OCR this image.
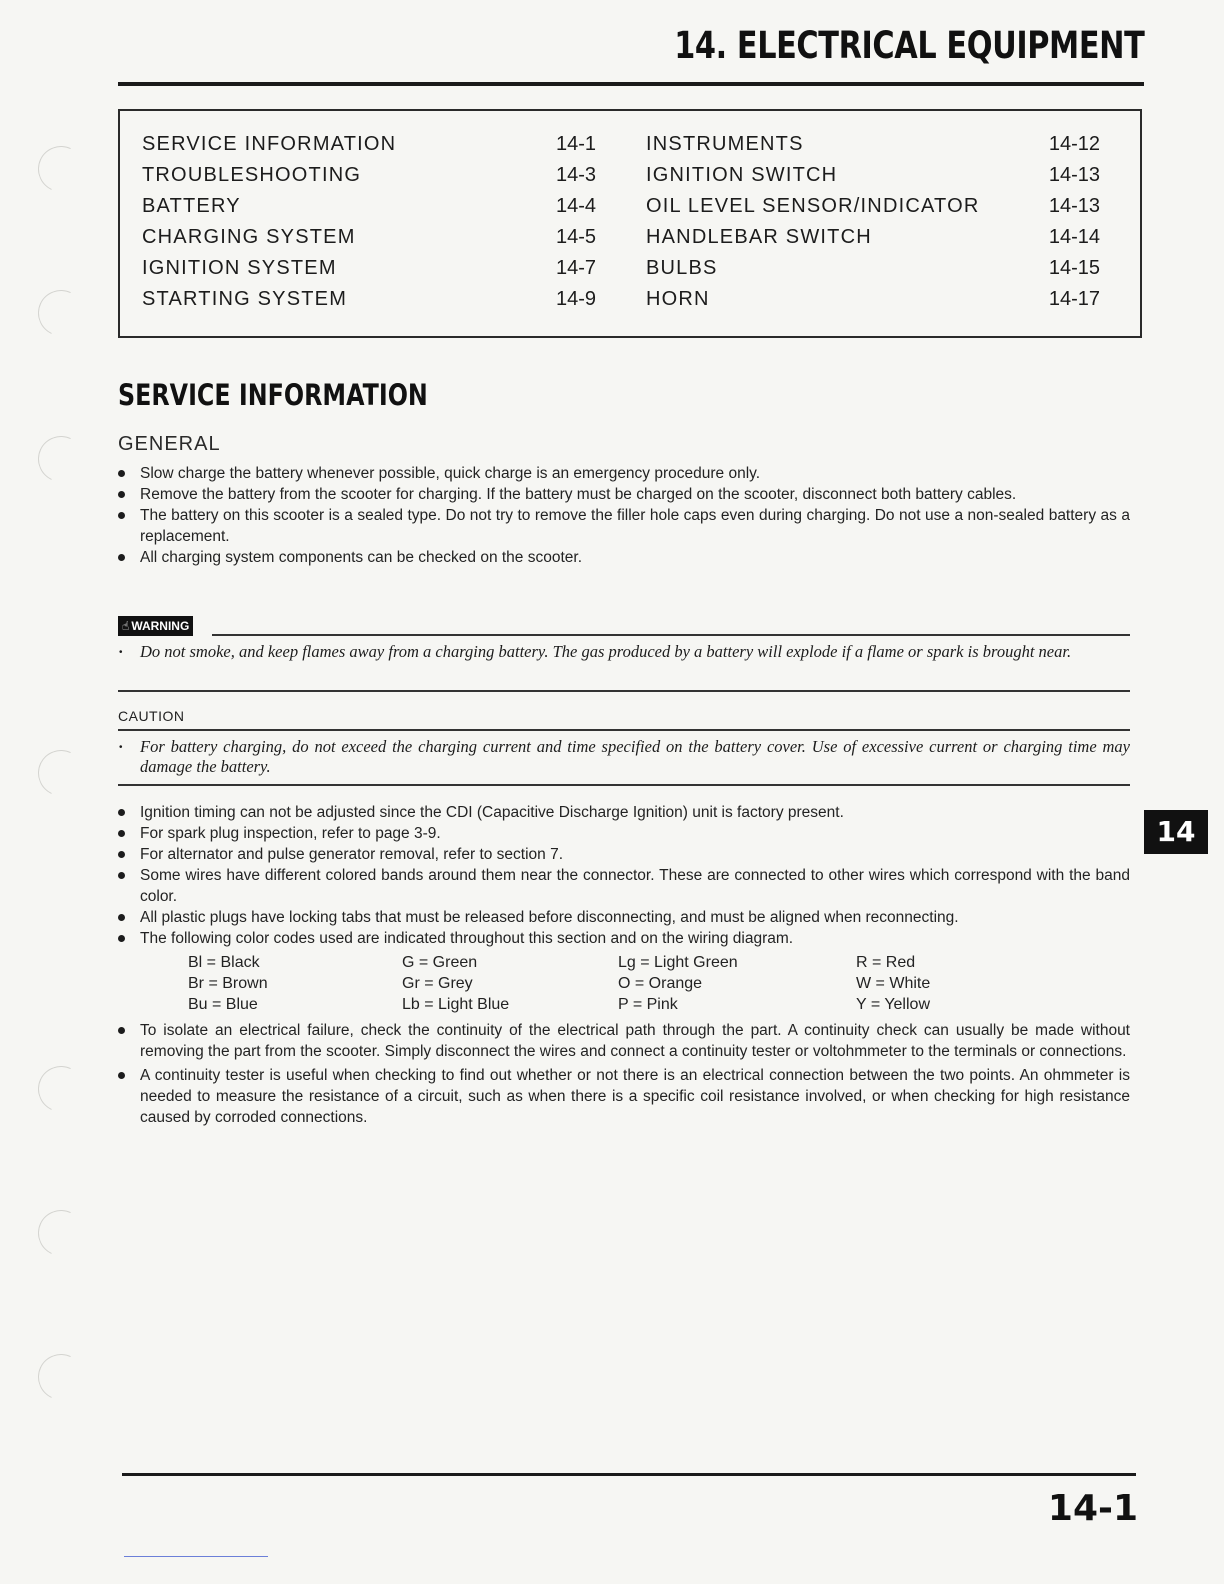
14. ELECTRICAL EQUIPMENT
SERVICE INFORMATION	14-1 INSTRUMENTS	14-12
TROUBLESHOOTING	14-3 IGNITION SWITCH	14-13
BATTERY	14-4 OIL LEVEL SENSOR/INDICATOR	14-13
CHARGING SYSTEM	14-5 HANDLEBAR SWITCH	14-14
IGNITION SYSTEM	14-7 BULBS	14-15
STARTING SYSTEM	14-9 HORN	14-17
SERVICE INFORMATION
GENERAL
Slow charge the battery whenever possible, quick charge is an emergency procedure only.
Remove the battery from the scooter for charging. If the battery must be charged on the scooter, disconnect both battery cables.
The battery on this scooter is a sealed type. Do not try to remove the filler hole caps even during charging. Do not use a non-sealed battery as a replacement.
All charging system components can be checked on the scooter.
☝ WARNING
· Do not smoke, and keep flames away from a charging battery. The gas produced by a battery will explode if a flame or spark is brought near.
CAUTION
· For battery charging, do not exceed the charging current and time specified on the battery cover. Use of excessive current or charging time may damage the battery.
Ignition timing can not be adjusted since the CDI (Capacitive Discharge Ignition) unit is factory present.
For spark plug inspection, refer to page 3-9.
For alternator and pulse generator removal, refer to section 7.
Some wires have different colored bands around them near the connector. These are connected to other wires which correspond with the band color.
All plastic plugs have locking tabs that must be released before disconnecting, and must be aligned when reconnecting.
The following color codes used are indicated throughout this section and on the wiring diagram.
Bl = Black	G = Green	Lg = Light Green	R = Red
Br = Brown	Gr = Grey	O = Orange	W = White
Bu = Blue	Lb = Light Blue	P = Pink	Y = Yellow
To isolate an electrical failure, check the continuity of the electrical path through the part. A continuity check can usually be made without removing the part from the scooter. Simply disconnect the wires and connect a continuity tester or voltohmmeter to the terminals or connections.
A continuity tester is useful when checking to find out whether or not there is an electrical connection between the two points. An ohmmeter is needed to measure the resistance of a circuit, such as when there is a specific coil resistance involved, or when checking for high resistance caused by corroded connections.
14
14-1
